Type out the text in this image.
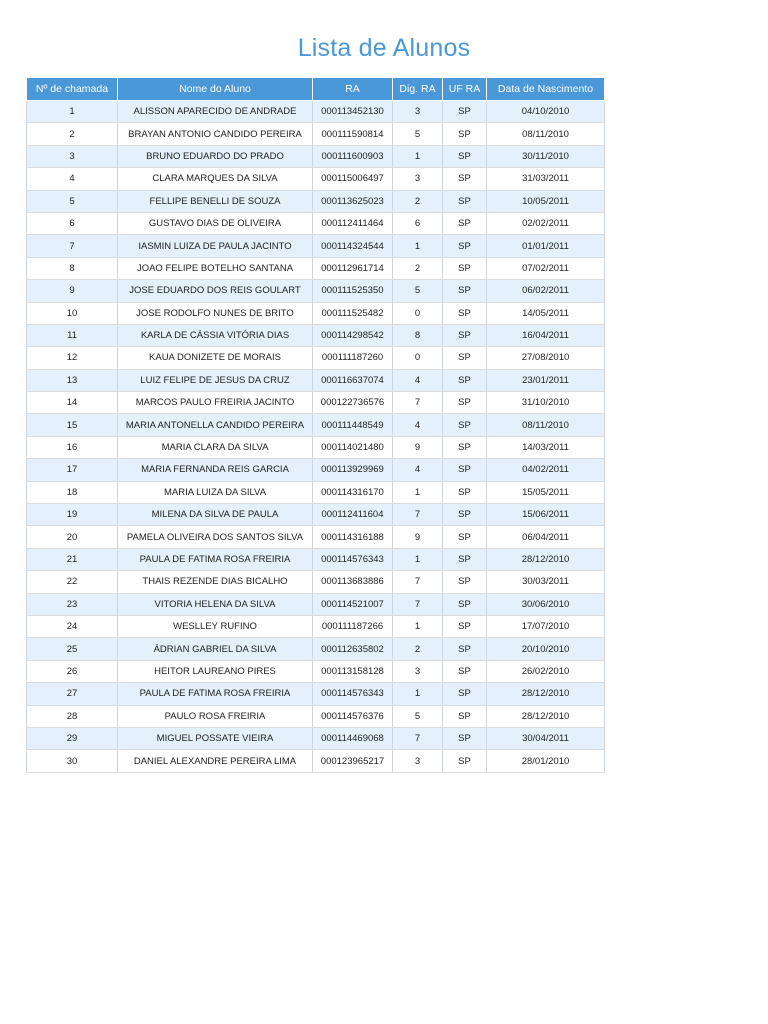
Lista de Alunos
Nº de chamada	Nome do Aluno	RA	Dig. RA	UF RA	Data de Nascimento
1	ALISSON APARECIDO DE ANDRADE	000113452130	3	SP	04/10/2010
2	BRAYAN ANTONIO CANDIDO PEREIRA	000111590814	5	SP	08/11/2010
3	BRUNO EDUARDO DO PRADO	000111600903	1	SP	30/11/2010
4	CLARA MARQUES DA SILVA	000115006497	3	SP	31/03/2011
5	FELLIPE BENELLI DE SOUZA	000113625023	2	SP	10/05/2011
6	GUSTAVO DIAS DE OLIVEIRA	000112411464	6	SP	02/02/2011
7	IASMIN LUIZA DE PAULA JACINTO	000114324544	1	SP	01/01/2011
8	JOAO FELIPE BOTELHO SANTANA	000112961714	2	SP	07/02/2011
9	JOSE EDUARDO DOS REIS GOULART	000111525350	5	SP	06/02/2011
10	JOSE RODOLFO NUNES DE BRITO	000111525482	0	SP	14/05/2011
11	KARLA DE CÁSSIA VITÓRIA DIAS	000114298542	8	SP	16/04/2011
12	KAUA DONIZETE DE MORAIS	000111187260	0	SP	27/08/2010
13	LUIZ FELIPE DE JESUS DA CRUZ	000116637074	4	SP	23/01/2011
14	MARCOS PAULO FREIRIA JACINTO	000122736576	7	SP	31/10/2010
15	MARIA ANTONELLA CANDIDO PEREIRA	000111448549	4	SP	08/11/2010
16	MARIA CLARA DA SILVA	000114021480	9	SP	14/03/2011
17	MARIA FERNANDA REIS GARCIA	000113929969	4	SP	04/02/2011
18	MARIA LUIZA DA SILVA	000114316170	1	SP	15/05/2011
19	MILENA DA SILVA DE PAULA	000112411604	7	SP	15/06/2011
20	PAMELA OLIVEIRA DOS SANTOS SILVA	000114316188	9	SP	06/04/2011
21	PAULA DE FATIMA ROSA FREIRIA	000114576343	1	SP	28/12/2010
22	THAIS REZENDE DIAS BICALHO	000113683886	7	SP	30/03/2011
23	VITORIA HELENA DA SILVA	000114521007	7	SP	30/06/2010
24	WESLLEY RUFINO	000111187266	1	SP	17/07/2010
25	ÁDRIAN GABRIEL DA SILVA	000112635802	2	SP	20/10/2010
26	HEITOR LAUREANO PIRES	000113158128	3	SP	26/02/2010
27	PAULA DE FATIMA ROSA FREIRIA	000114576343	1	SP	28/12/2010
28	PAULO ROSA FREIRIA	000114576376	5	SP	28/12/2010
29	MIGUEL POSSATE VIEIRA	000114469068	7	SP	30/04/2011
30	DANIEL ALEXANDRE PEREIRA LIMA	000123965217	3	SP	28/01/2010
